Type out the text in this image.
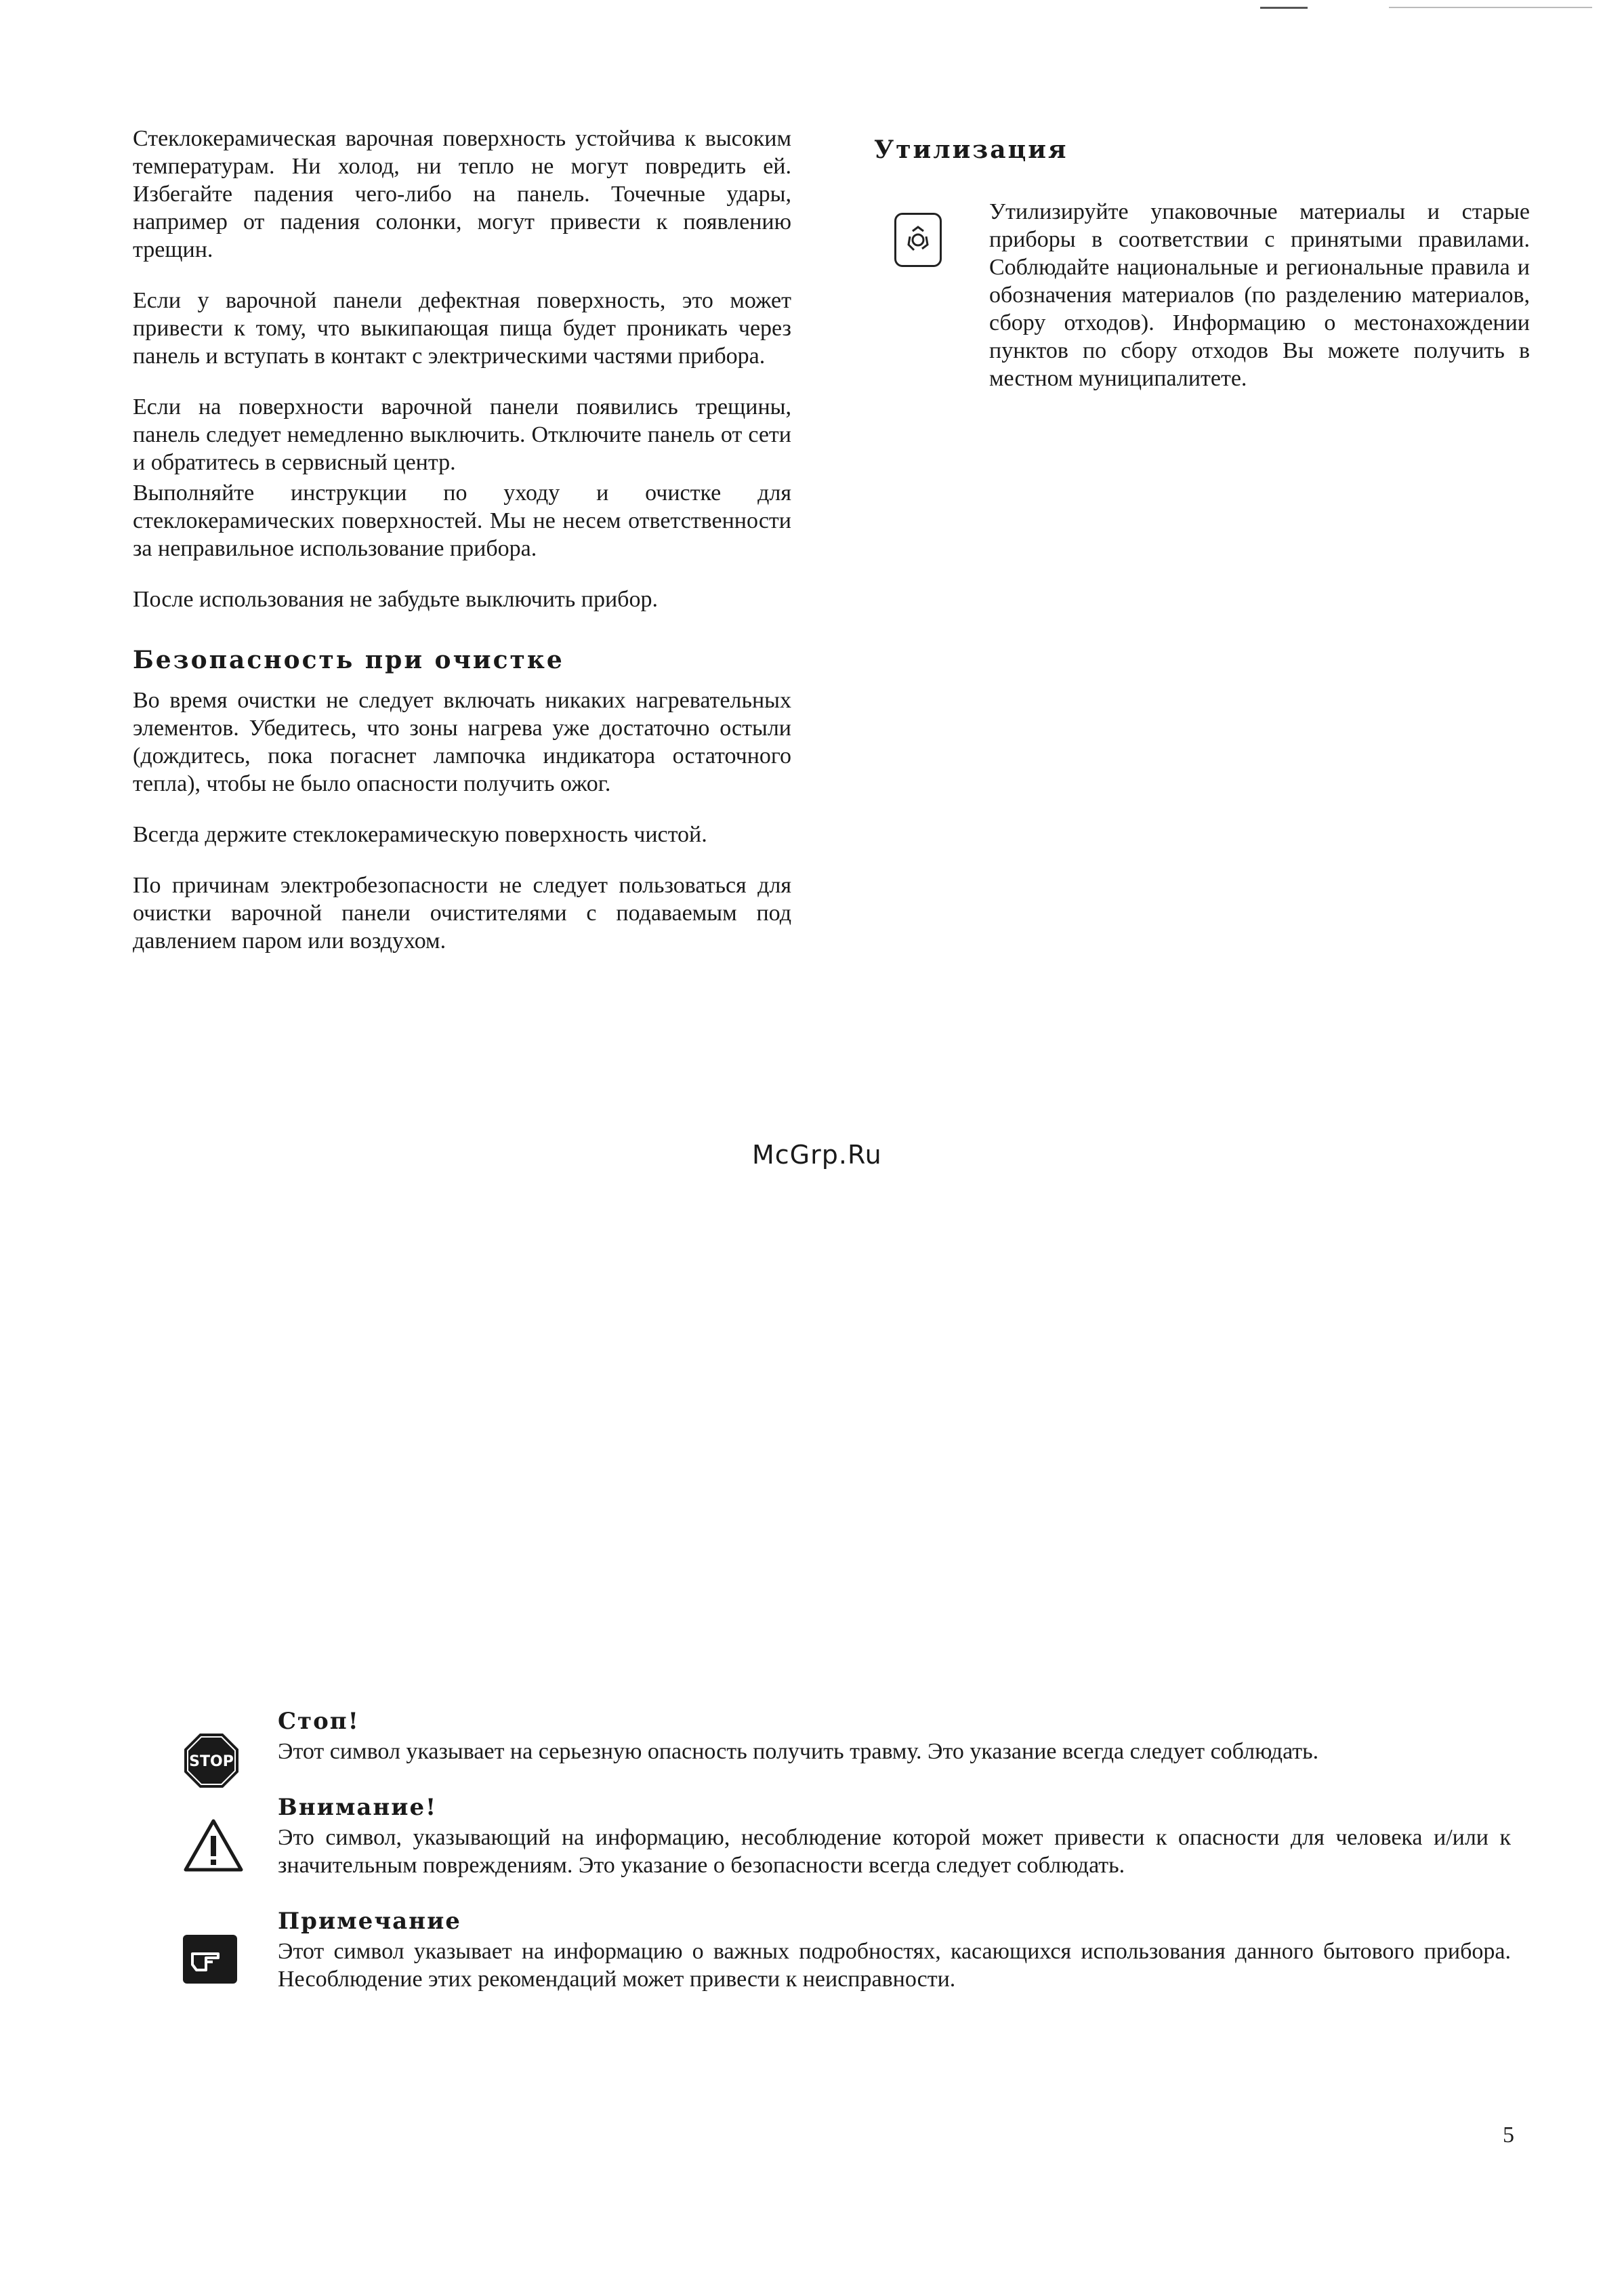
Стеклокерамическая варочная поверхность устойчива к высоким температурам. Ни холод, ни тепло не могут повредить ей. Избегайте падения чего-либо на панель. Точечные удары, например от падения солонки, могут привести к появлению трещин.

Если у варочной панели дефектная поверхность, это может привести к тому, что выкипающая пища будет проникать через панель и вступать в контакт с электрическими частями прибора.

Если на поверхности варочной панели появились трещины, панель следует немедленно выключить. Отключите панель от сети и обратитесь в сервисный центр.

Выполняйте инструкции по уходу и очистке для стеклокерамических поверхностей. Мы не несем ответственности за неправильное использование прибора.

После использования не забудьте выключить прибор.

Безопасность при очистке

Во время очистки не следует включать никаких нагревательных элементов. Убедитесь, что зоны нагрева уже достаточно остыли (дождитесь, пока погаснет лампочка индикатора остаточного тепла), чтобы не было опасности получить ожог.

Всегда держите стеклокерамическую поверхность чистой.

По причинам электробезопасности не следует пользоваться для очистки варочной панели очистителями с подаваемым под давлением паром или воздухом.

Утилизация

Утилизируйте упаковочные материалы и старые приборы в соответствии с принятыми правилами. Соблюдайте национальные и региональные правила и обозначения материалов (по разделению материалов, сбору отходов). Информацию о местонахождении пунктов по сбору отходов Вы можете получить в местном муниципалитете.

McGrp.Ru
STOP
Стоп!

Этот символ указывает на серьезную опасность получить травму. Это указание всегда следует соблюдать.

Внимание!

Это символ, указывающий на информацию, несоблюдение которой может привести к опасности для человека и/или к значительным повреждениям. Это указание о безопасности всегда следует соблюдать.

Примечание

Этот символ указывает на информацию о важных подробностях, касающихся использования данного бытового прибора. Несоблюдение этих рекомендаций может привести к неисправности.

5
